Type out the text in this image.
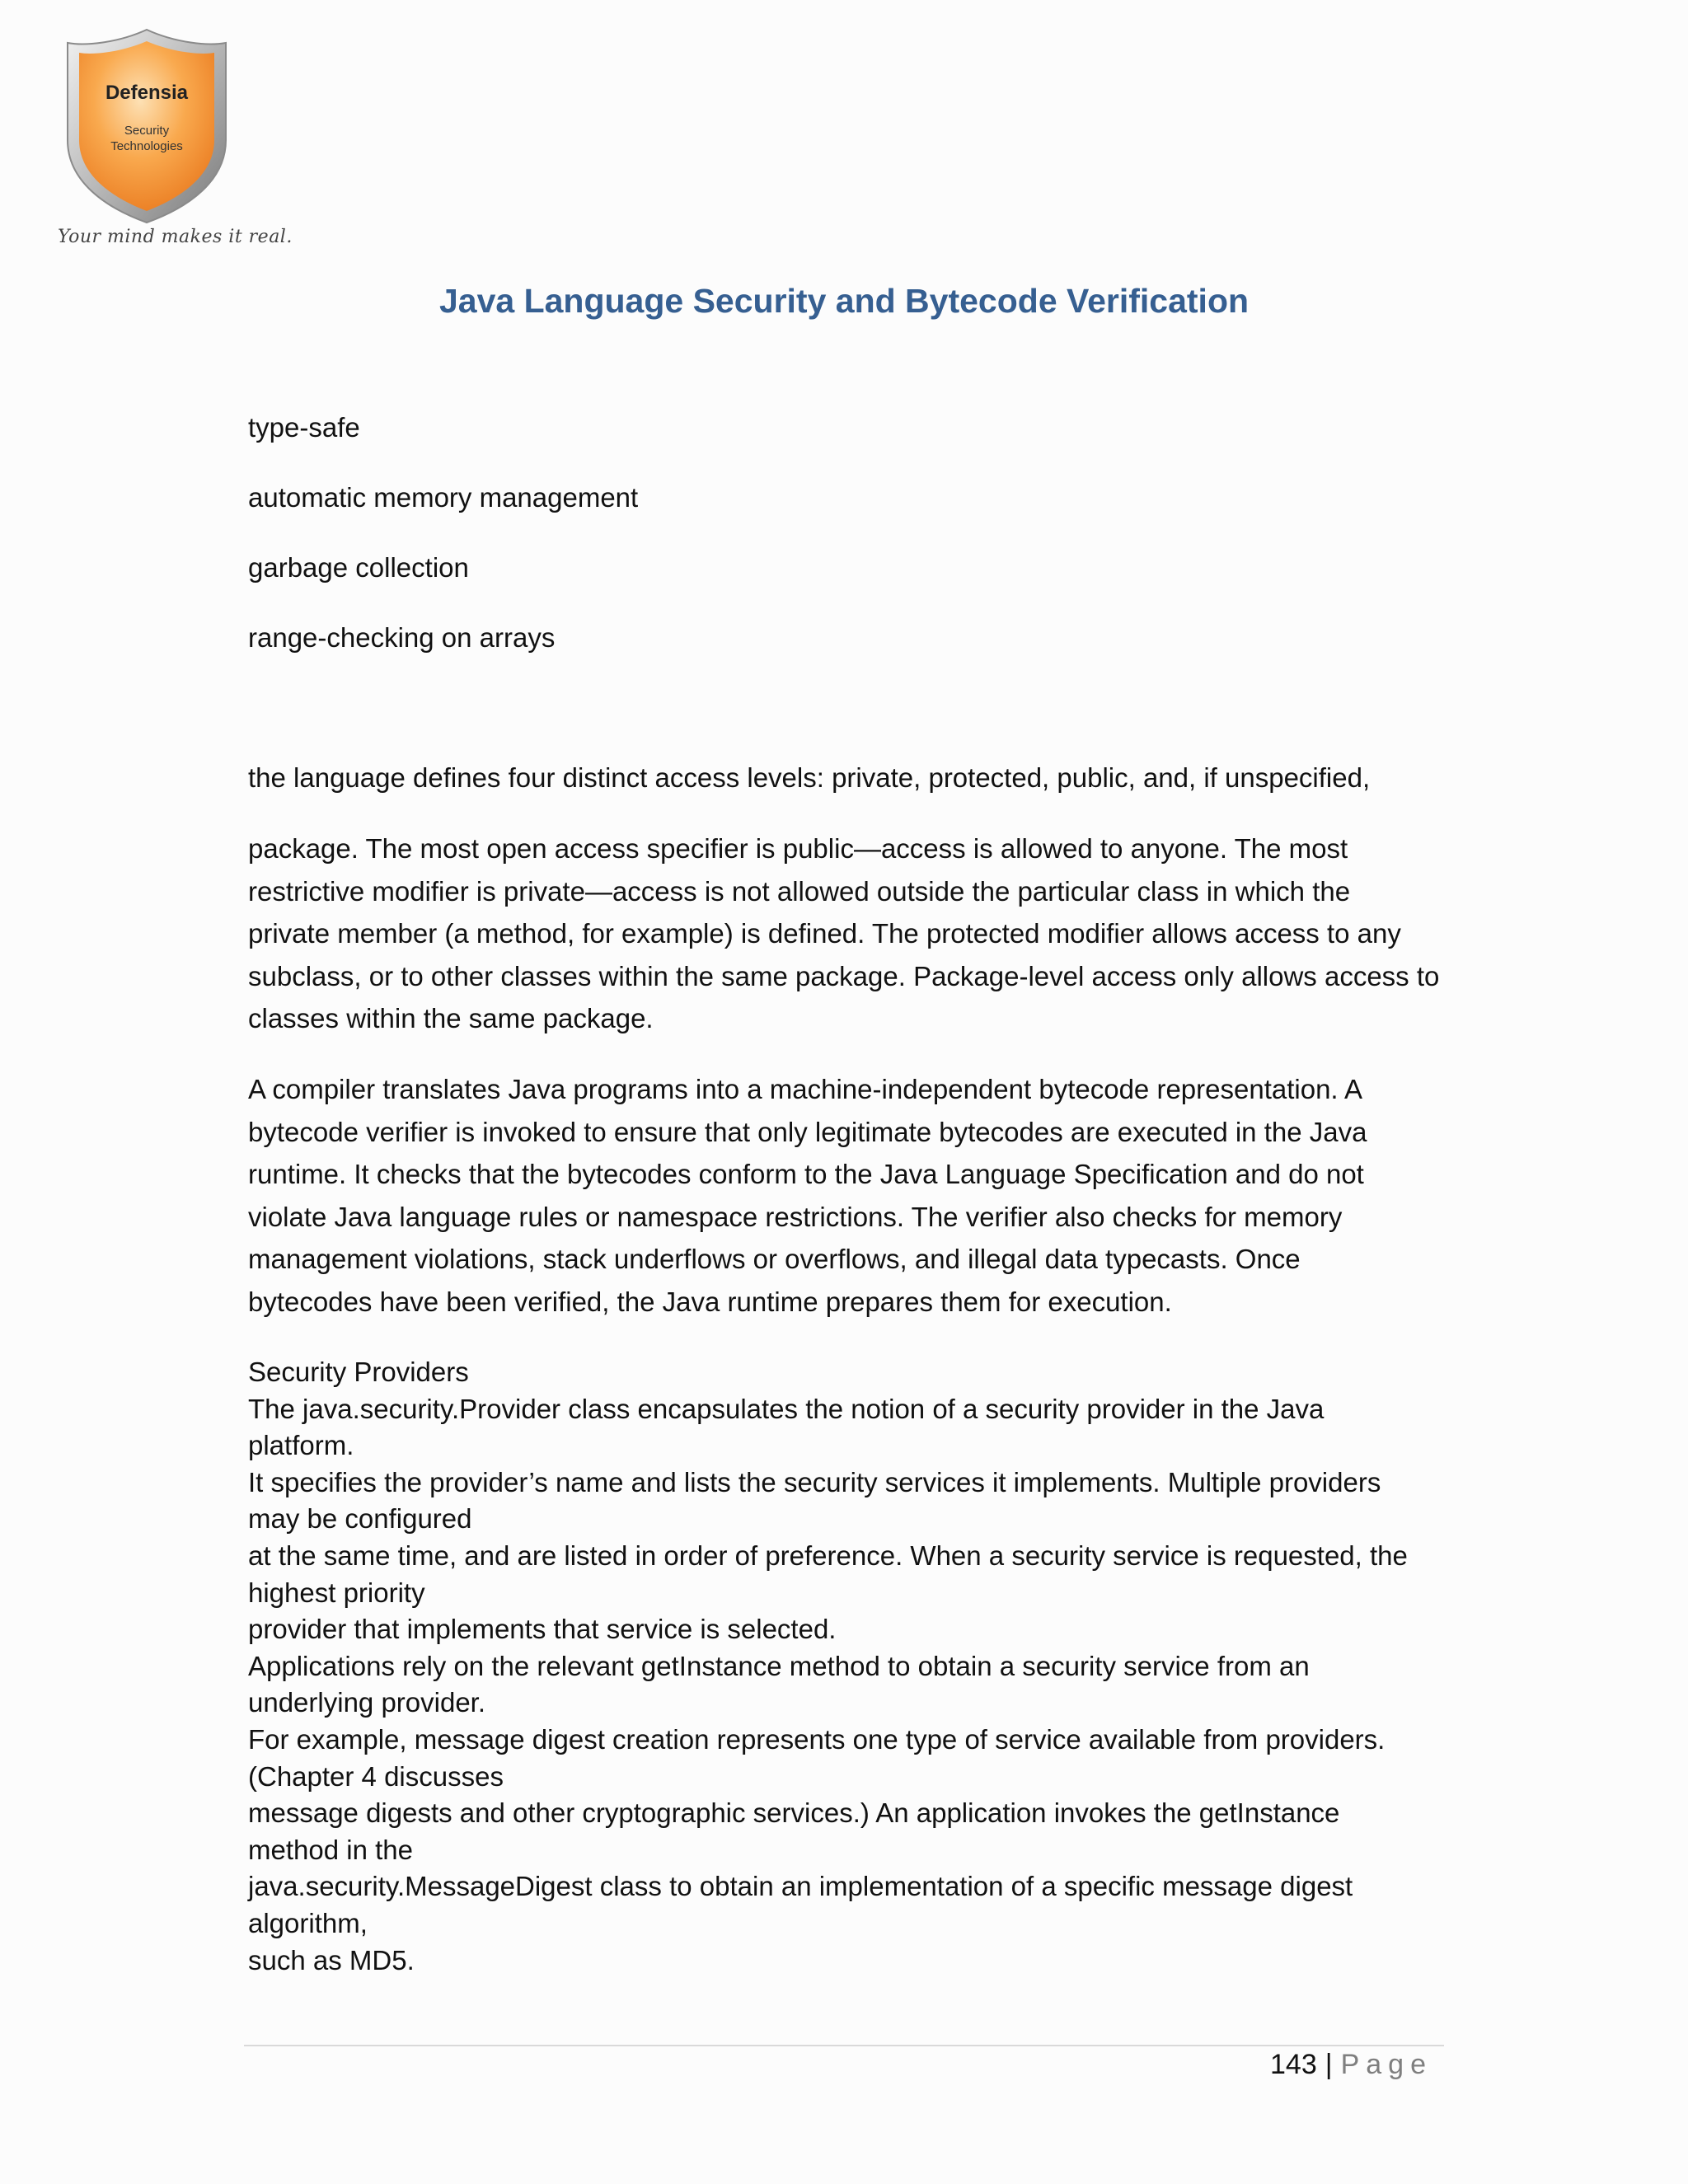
Defensia
Security
Technologies
Your mind makes it real.
Java Language Security and Bytecode Verification
type-safe
automatic memory management
garbage collection
range-checking on arrays
the language defines four distinct access levels: private, protected, public, and, if unspecified,

package. The most open access specifier is public—access is allowed to anyone. The most

restrictive modifier is private—access is not allowed outside the particular class in which the

private member (a method, for example) is defined. The protected modifier allows access to any

subclass, or to other classes within the same package. Package-level access only allows access to

classes within the same package.

A compiler translates Java programs into a machine-independent bytecode representation. A

bytecode verifier is invoked to ensure that only legitimate bytecodes are executed in the Java

runtime. It checks that the bytecodes conform to the Java Language Specification and do not

violate Java language rules or namespace restrictions. The verifier also checks for memory

management violations, stack underflows or overflows, and illegal data typecasts. Once

bytecodes have been verified, the Java runtime prepares them for execution.

Security Providers
The java.security.Provider class encapsulates the notion of a security provider in the Java
platform.
It specifies the provider’s name and lists the security services it implements. Multiple providers
may be configured
at the same time, and are listed in order of preference. When a security service is requested, the
highest priority
provider that implements that service is selected.
Applications rely on the relevant getInstance method to obtain a security service from an
underlying provider.
For example, message digest creation represents one type of service available from providers.
(Chapter 4 discusses
message digests and other cryptographic services.) An application invokes the getInstance
method in the
java.security.MessageDigest class to obtain an implementation of a specific message digest
algorithm,
such as MD5.
143 | Page
